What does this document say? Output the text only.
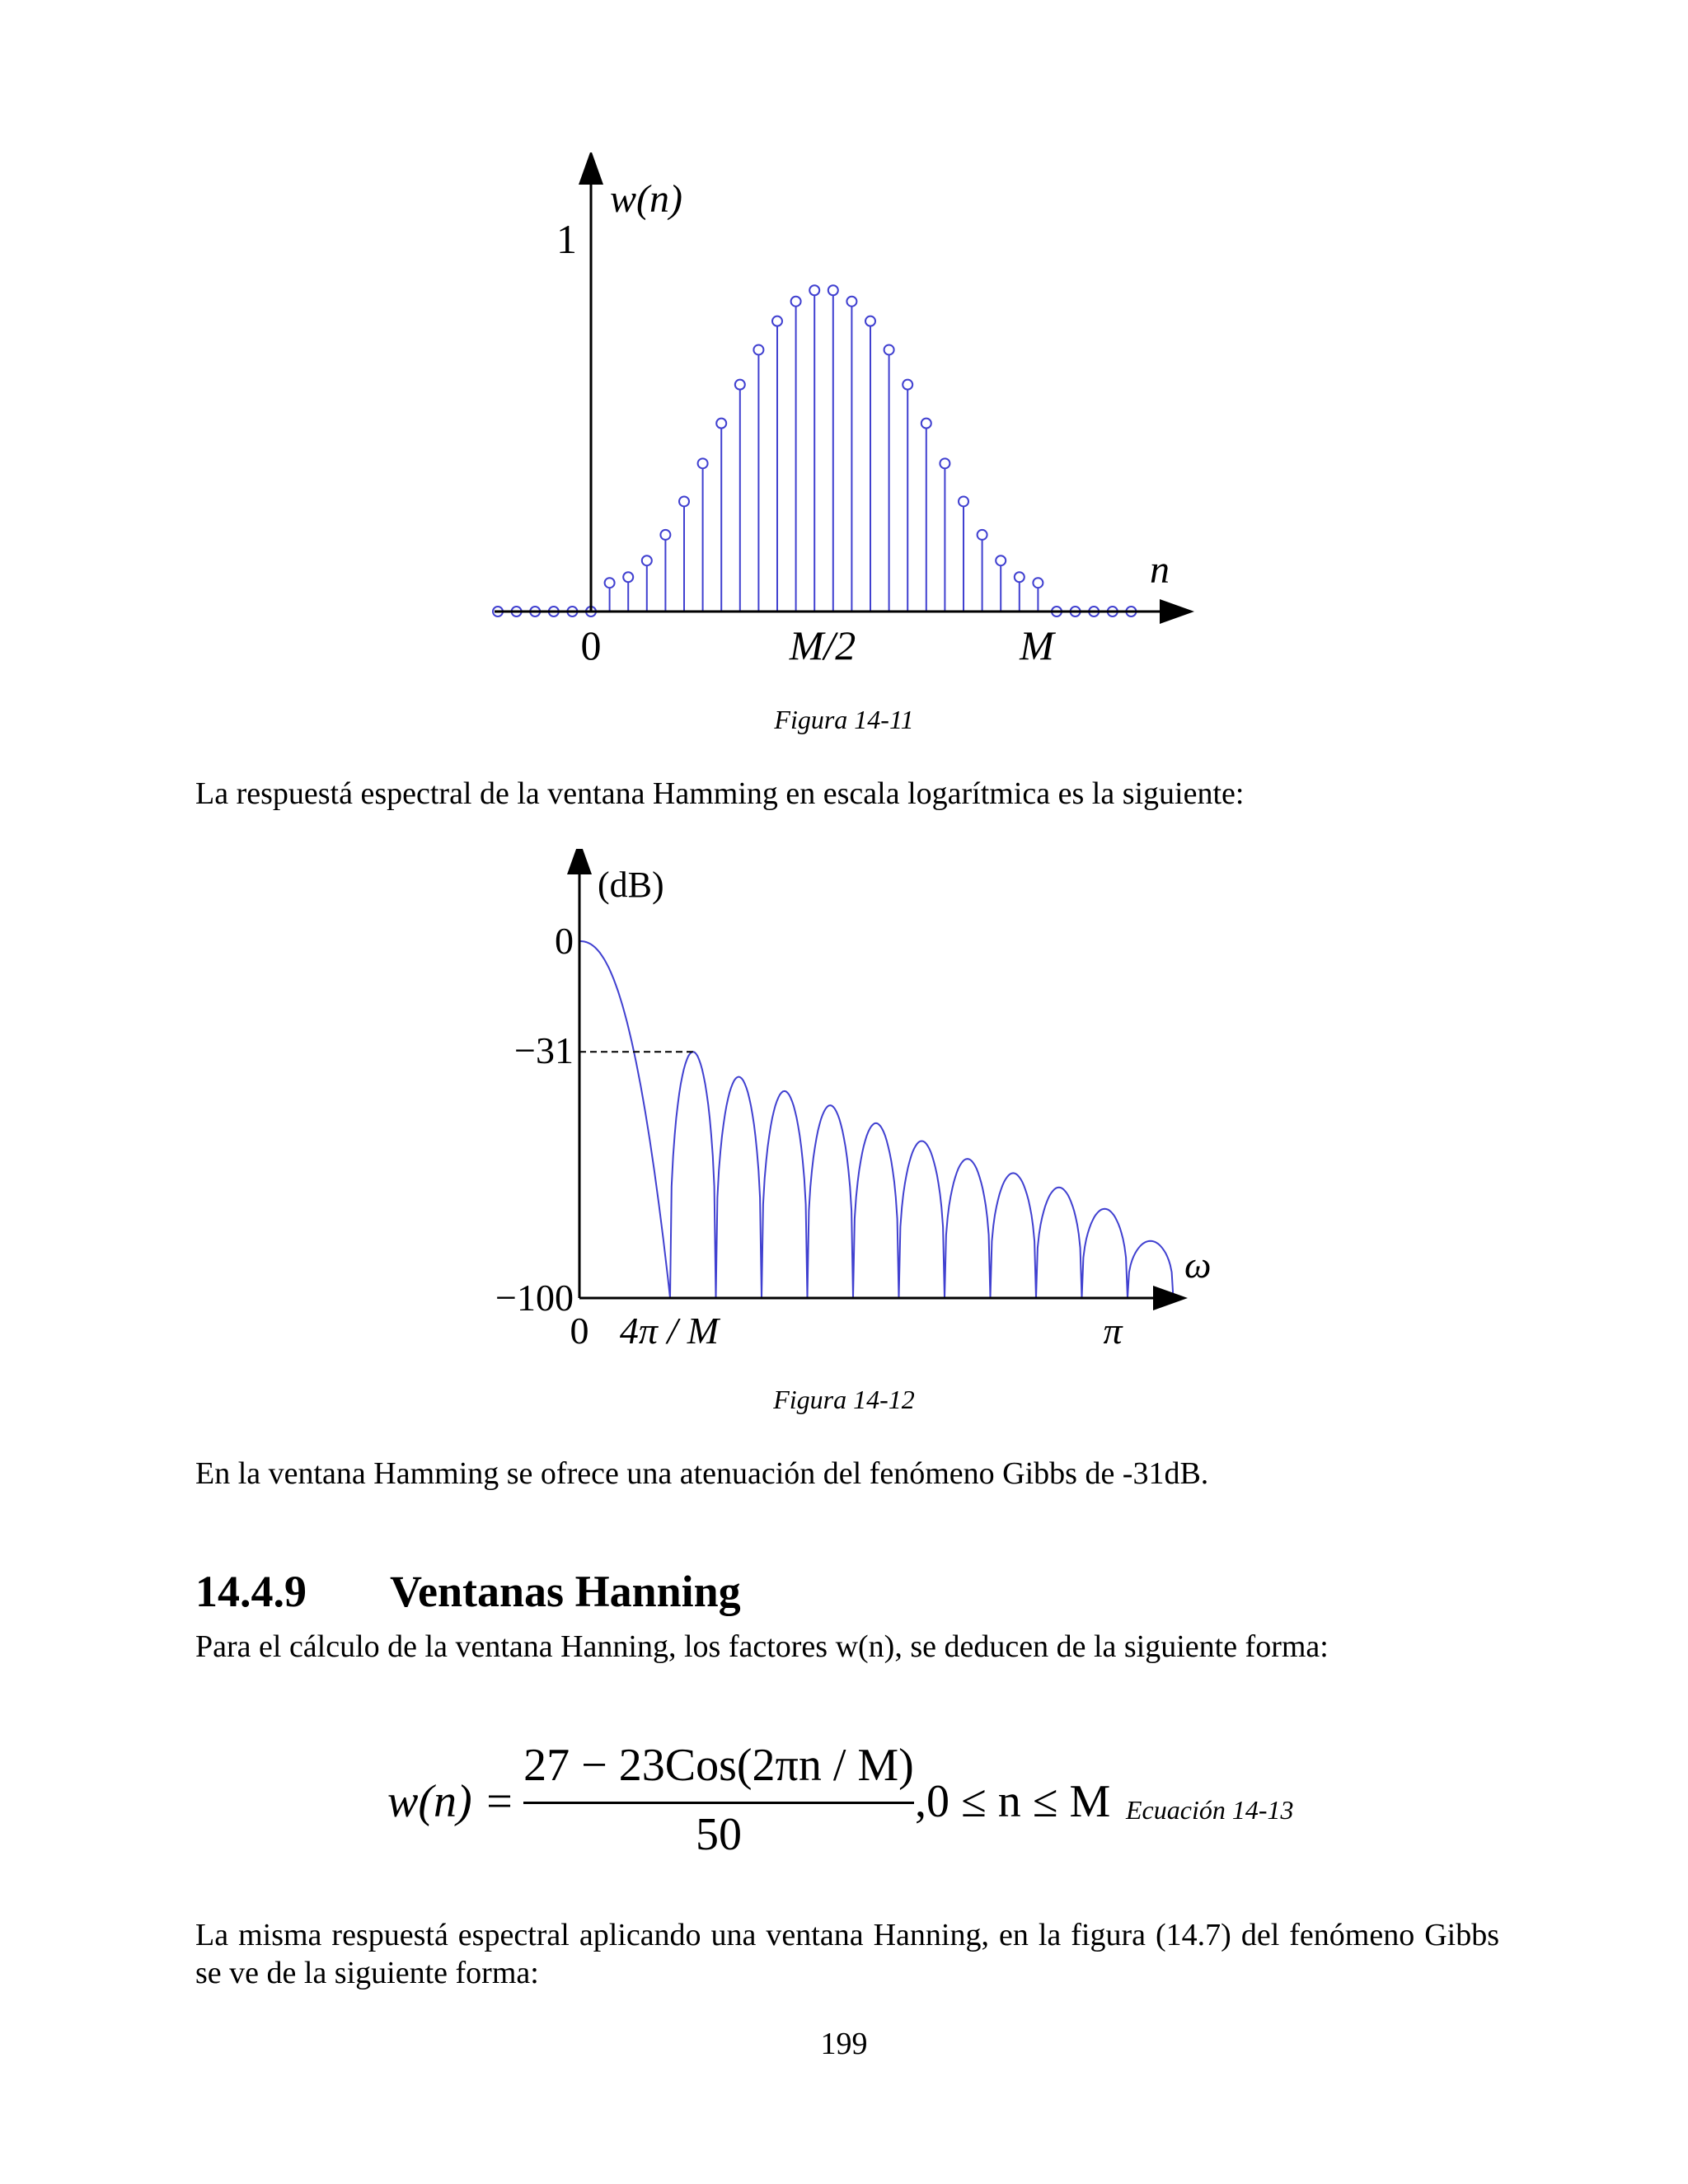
w(n)
1
n
0	M/2	M
Figura 14-11
La respuestá espectral de la ventana Hamming en escala logarítmica es la siguiente:
(dB)
0
−31
−100
ω
0 4π / M	π
Figura 14-12
En la ventana Hamming se ofrece una atenuación del fenómeno Gibbs de -31dB.
14.4.9 Ventanas Hanning
Para el cálculo de la ventana Hanning, los factores w(n), se deducen de la siguiente forma:
w(n) =
27 − 23Cos(2πn / M)
50
,0 ≤ n ≤ M Ecuación 14-13
La misma respuestá espectral aplicando una ventana Hanning, en la figura (14.7) del fenómeno Gibbs se ve de la siguiente forma:
199
